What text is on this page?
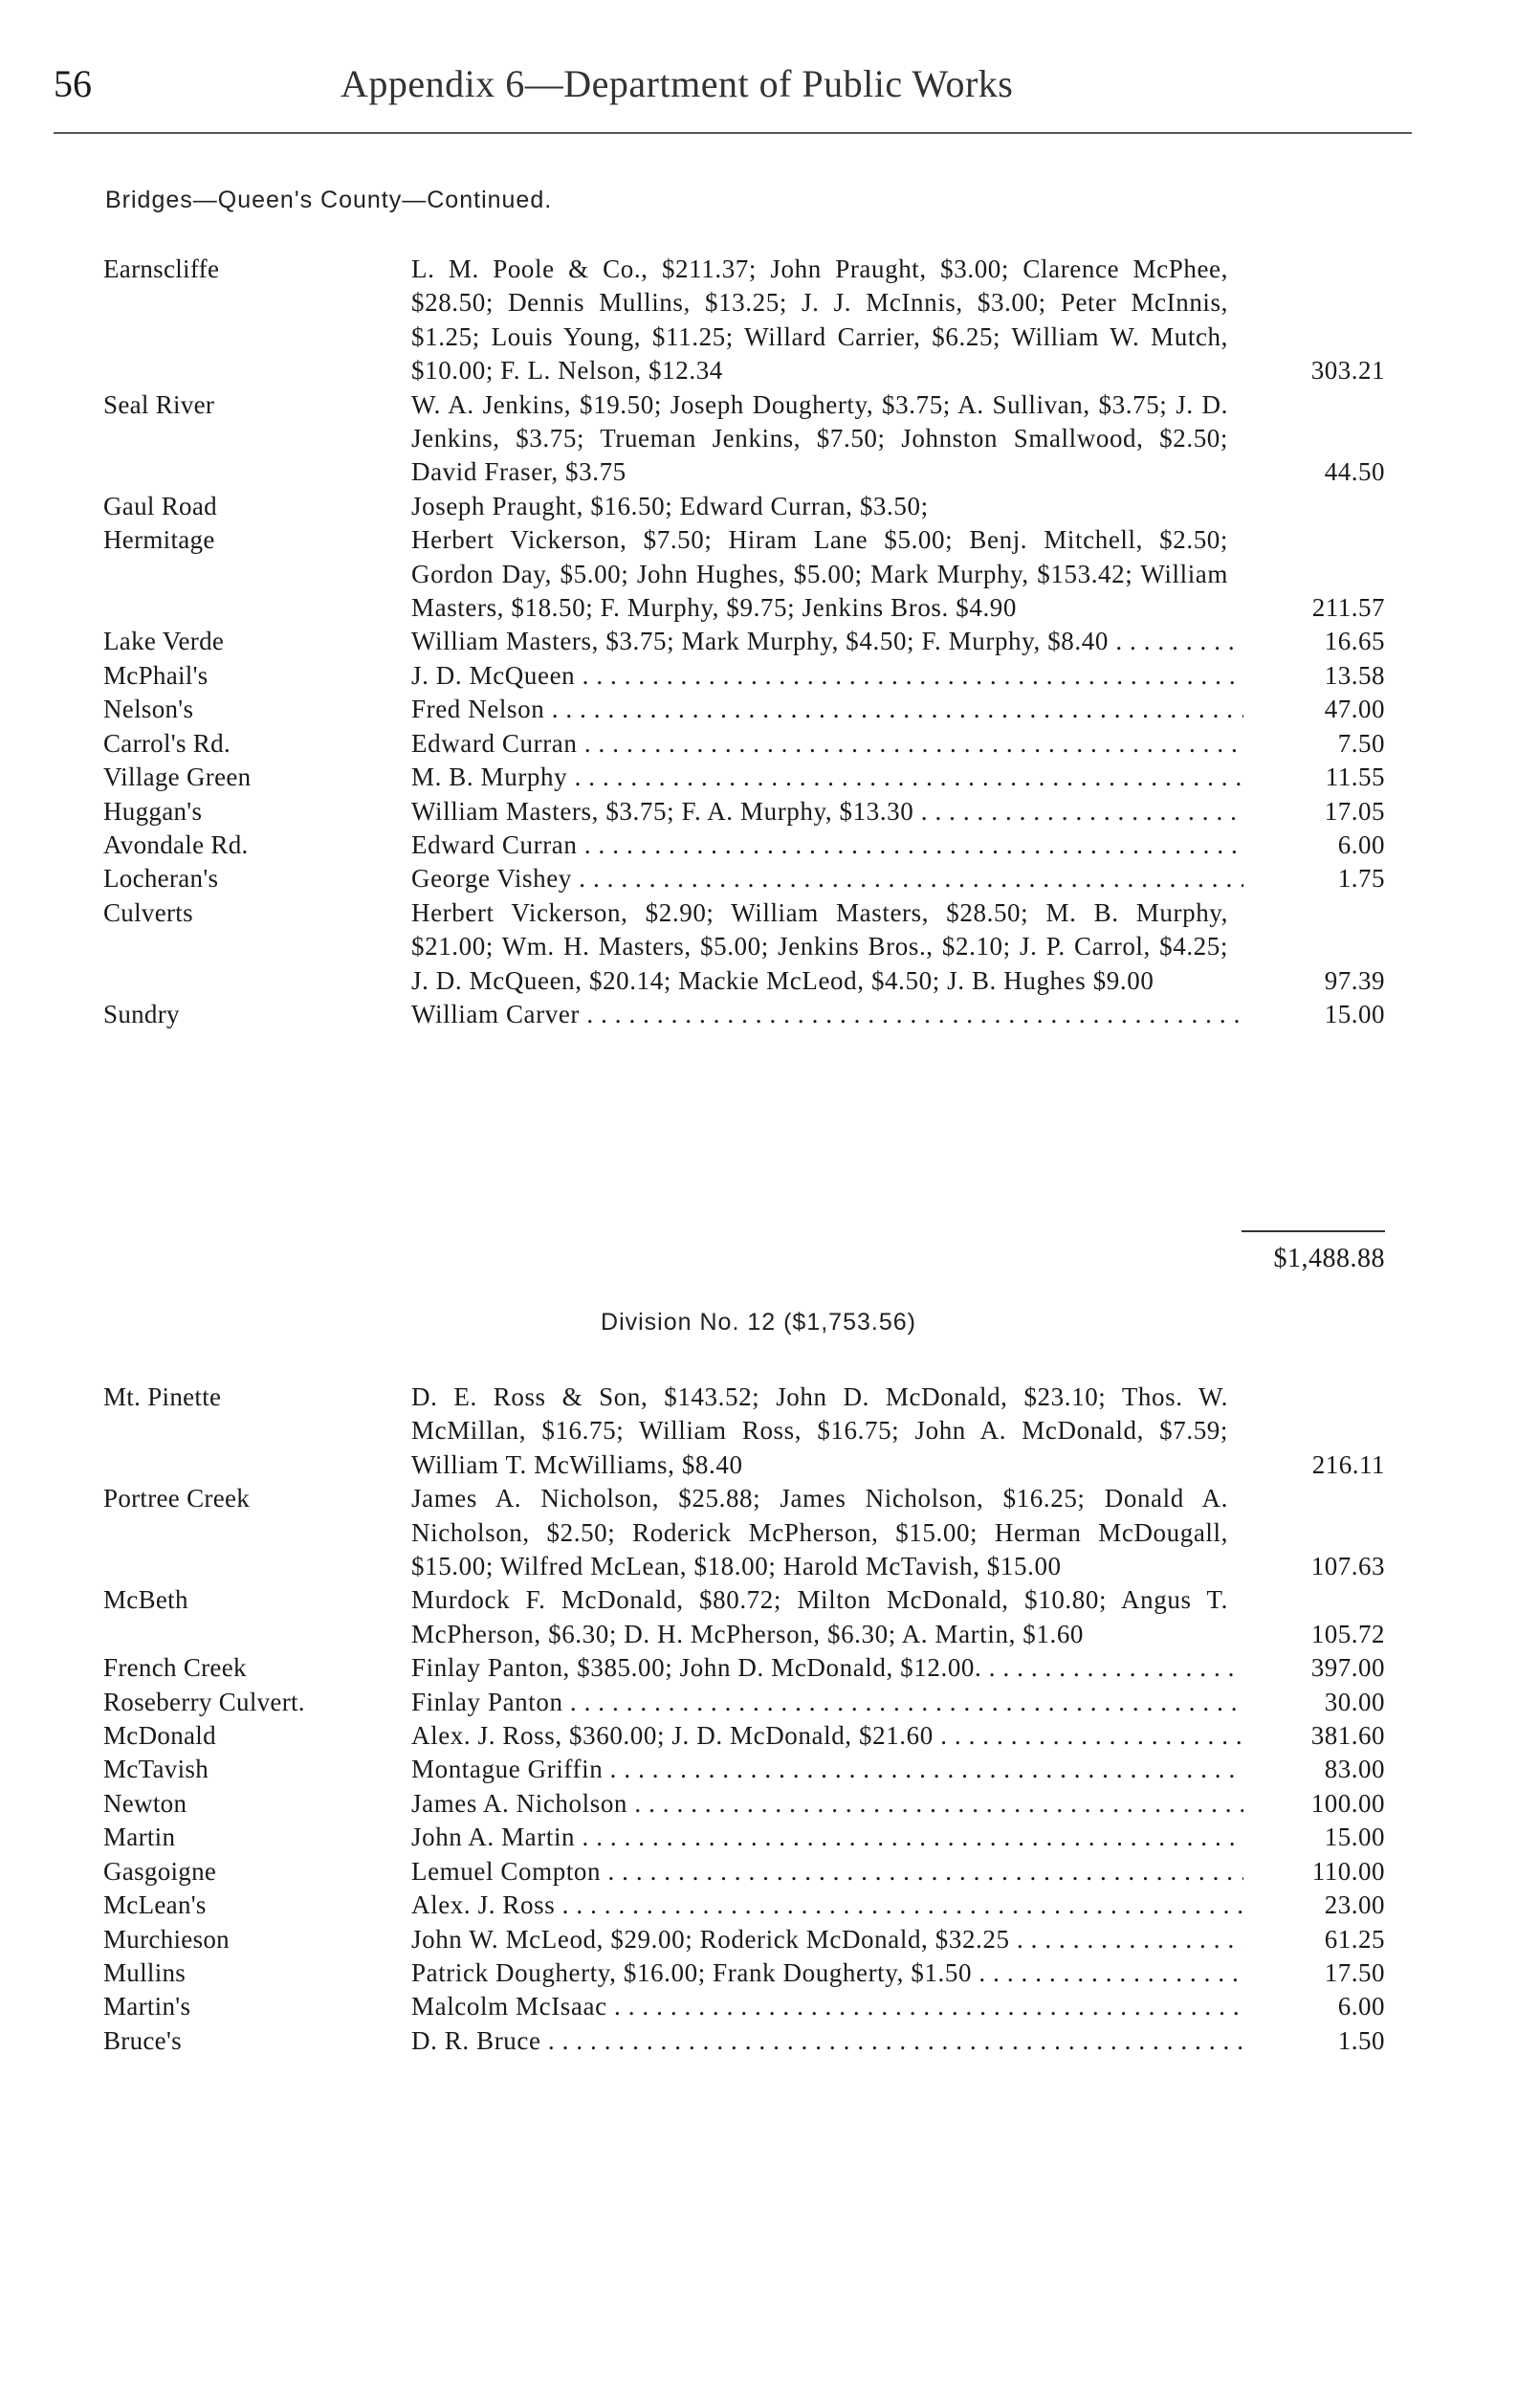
56	Appendix 6—Department of Public Works
Bridges—Queen's County—Continued.
Earnscliffe	L. M. Poole & Co., $211.37; John Praught, $3.00; Clarence McPhee, $28.50; Dennis Mullins, $13.25; J. J. McInnis, $3.00; Peter McInnis, $1.25; Louis Young, $11.25; Willard Carrier, $6.25; William W. Mutch, $10.00; F. L. Nelson, $12.34	303.21
Seal River	W. A. Jenkins, $19.50; Joseph Dougherty, $3.75; A. Sullivan, $3.75; J. D. Jenkins, $3.75; Trueman Jenkins, $7.50; Johnston Smallwood, $2.50; David Fraser, $3.75	44.50
Gaul Road	Joseph Praught, $16.50; Edward Curran, $3.50;
Hermitage	Herbert Vickerson, $7.50; Hiram Lane $5.00; Benj. Mitchell, $2.50; Gordon Day, $5.00; John Hughes, $5.00; Mark Murphy, $153.42; William Masters, $18.50; F. Murphy, $9.75; Jenkins Bros. $4.90	211.57
Lake Verde	William Masters, $3.75; Mark Murphy, $4.50; F. Murphy, $8.40 . . .	16.65
McPhail's	J. D. McQueen . . .	13.58
Nelson's	Fred Nelson . . .	47.00
Carrol's Rd.	Edward Curran . . .	7.50
Village Green	M. B. Murphy . . .	11.55
Huggan's	William Masters, $3.75; F. A. Murphy, $13.30 . . .	17.05
Avondale Rd.	Edward Curran . . .	6.00
Locheran's	George Vishey . . .	1.75
Culverts	Herbert Vickerson, $2.90; William Masters, $28.50; M. B. Murphy, $21.00; Wm. H. Masters, $5.00; Jenkins Bros., $2.10; J. P. Carrol, $4.25; J. D. McQueen, $20.14; Mackie McLeod, $4.50; J. B. Hughes $9.00	97.39
Sundry	William Carver . . .	15.00
$1,488.88
Division No. 12 ($1,753.56)
Mt. Pinette	D. E. Ross & Son, $143.52; John D. McDonald, $23.10; Thos. W. McMillan, $16.75; William Ross, $16.75; John A. McDonald, $7.59; William T. McWilliams, $8.40	216.11
Portree Creek	James A. Nicholson, $25.88; James Nicholson, $16.25; Donald A. Nicholson, $2.50; Roderick McPherson, $15.00; Herman McDougall, $15.00; Wilfred McLean, $18.00; Harold McTavish, $15.00	107.63
McBeth	Murdock F. McDonald, $80.72; Milton McDonald, $10.80; Angus T. McPherson, $6.30; D. H. McPherson, $6.30; A. Martin, $1.60	105.72
French Creek	Finlay Panton, $385.00; John D. McDonald, $12.00. . . .	397.00
Roseberry Culvert.	Finlay Panton . . .	30.00
McDonald	Alex. J. Ross, $360.00; J. D. McDonald, $21.60 . . .	381.60
McTavish	Montague Griffin . . .	83.00
Newton	James A. Nicholson . . .	100.00
Martin	John A. Martin . . .	15.00
Gasgoigne	Lemuel Compton . . .	110.00
McLean's	Alex. J. Ross . . .	23.00
Murchieson	John W. McLeod, $29.00; Roderick McDonald, $32.25 . . .	61.25
Mullins	Patrick Dougherty, $16.00; Frank Dougherty, $1.50 . . .	17.50
Martin's	Malcolm McIsaac . . .	6.00
Bruce's	D. R. Bruce . . .	1.50
